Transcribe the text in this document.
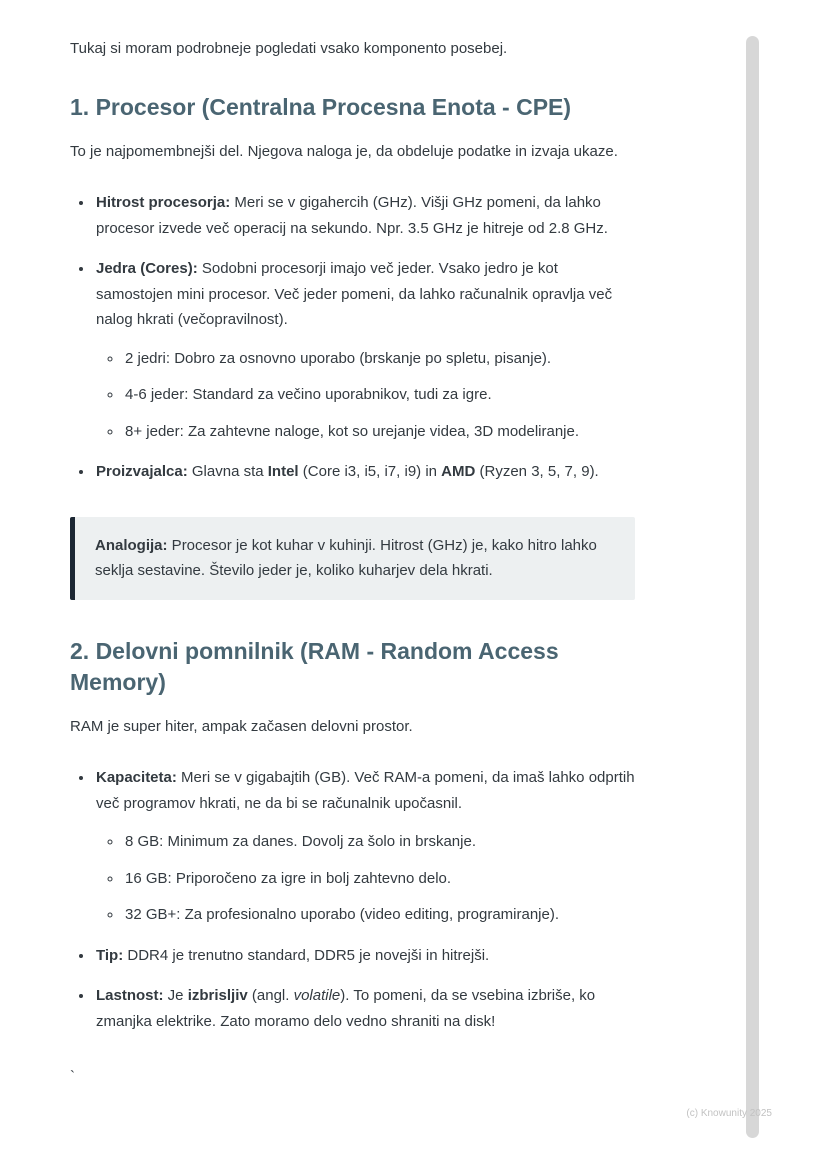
Tukaj si moram podrobneje pogledati vsako komponento posebej.

1. Procesor (Centralna Procesna Enota - CPE)

To je najpomembnejši del. Njegova naloga je, da obdeluje podatke in izvaja ukaze.

• Hitrost procesorja: Meri se v gigahercih (GHz). Višji GHz pomeni, da lahko procesor izvede več operacij na sekundo. Npr. 3.5 GHz je hitreje od 2.8 GHz.
• Jedra (Cores): Sodobni procesorji imajo več jeder. Vsako jedro je kot samostojen mini procesor. Več jeder pomeni, da lahko računalnik opravlja več nalog hkrati (večopravilnost).
◦ 2 jedri: Dobro za osnovno uporabo (brskanje po spletu, pisanje).
◦ 4-6 jeder: Standard za večino uporabnikov, tudi za igre.
◦ 8+ jeder: Za zahtevne naloge, kot so urejanje videa, 3D modeliranje.
• Proizvajalca: Glavna sta Intel (Core i3, i5, i7, i9) in AMD (Ryzen 3, 5, 7, 9).
Analogija: Procesor je kot kuhar v kuhinji. Hitrost (GHz) je, kako hitro lahko seklja sestavine. Število jeder je, koliko kuharjev dela hkrati.
2. Delovni pomnilnik (RAM - Random Access Memory)

RAM je super hiter, ampak začasen delovni prostor.

• Kapaciteta: Meri se v gigabajtih (GB). Več RAM-a pomeni, da imaš lahko odprtih več programov hkrati, ne da bi se računalnik upočasnil.
◦ 8 GB: Minimum za danes. Dovolj za šolo in brskanje.
◦ 16 GB: Priporočeno za igre in bolj zahtevno delo.
◦ 32 GB+: Za profesionalno uporabo (video editing, programiranje).
• Tip: DDR4 je trenutno standard, DDR5 je novejši in hitrejši.
• Lastnost: Je izbrisljiv (angl. volatile). To pomeni, da se vsebina izbriše, ko zmanjka elektrike. Zato moramo delo vedno shraniti na disk!

`

(c) Knowunity 2025
